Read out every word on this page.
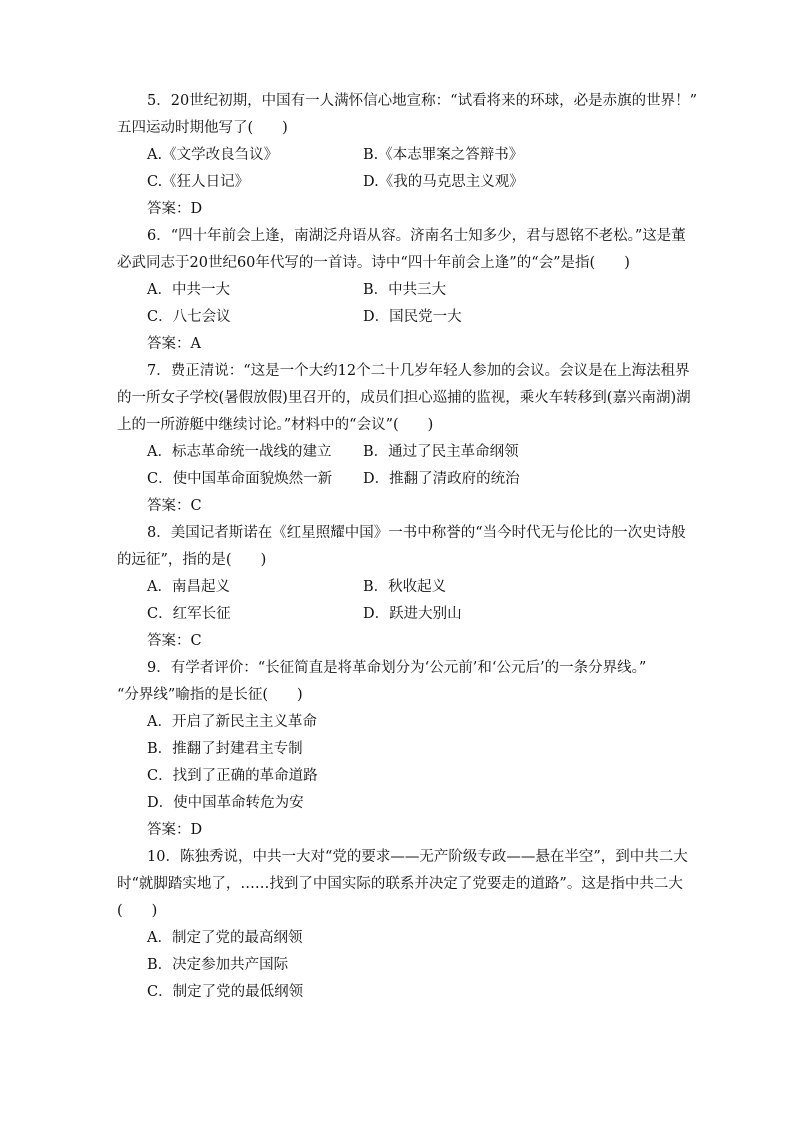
5．20世纪初期，中国有一人满怀信心地宣称：“试看将来的环球，必是赤旗的世界！”
五四运动时期他写了(　　)
A.《文学改良刍议》	B.《本志罪案之答辩书》
C.《狂人日记》	D.《我的马克思主义观》
答案：D
6．“四十年前会上逢，南湖泛舟语从容。济南名士知多少，君与恩铭不老松。”这是董
必武同志于20世纪60年代写的一首诗。诗中“四十年前会上逢”的“会”是指(　　)
A．中共一大	B．中共三大
C．八七会议	D．国民党一大
答案：A
7．费正清说：“这是一个大约12个二十几岁年轻人参加的会议。会议是在上海法租界
的一所女子学校(暑假放假)里召开的，成员们担心巡捕的监视，乘火车转移到(嘉兴南湖)湖
上的一所游艇中继续讨论。”材料中的“会议”(　　)
A．标志革命统一战线的建立	B．通过了民主革命纲领
C．使中国革命面貌焕然一新	D．推翻了清政府的统治
答案：C
8．美国记者斯诺在《红星照耀中国》一书中称誉的“当今时代无与伦比的一次史诗般
的远征”，指的是(　　)
A．南昌起义	B．秋收起义
C．红军长征	D．跃进大别山
答案：C
9．有学者评价：“长征简直是将革命划分为‘公元前’和‘公元后’的一条分界线。”
“分界线”喻指的是长征(　　)
A．开启了新民主主义革命
B．推翻了封建君主专制
C．找到了正确的革命道路
D．使中国革命转危为安
答案：D
10．陈独秀说，中共一大对“党的要求——无产阶级专政——悬在半空”，到中共二大
时“就脚踏实地了，……找到了中国实际的联系并决定了党要走的道路”。这是指中共二大
(　　)
A．制定了党的最高纲领
B．决定参加共产国际
C．制定了党的最低纲领
